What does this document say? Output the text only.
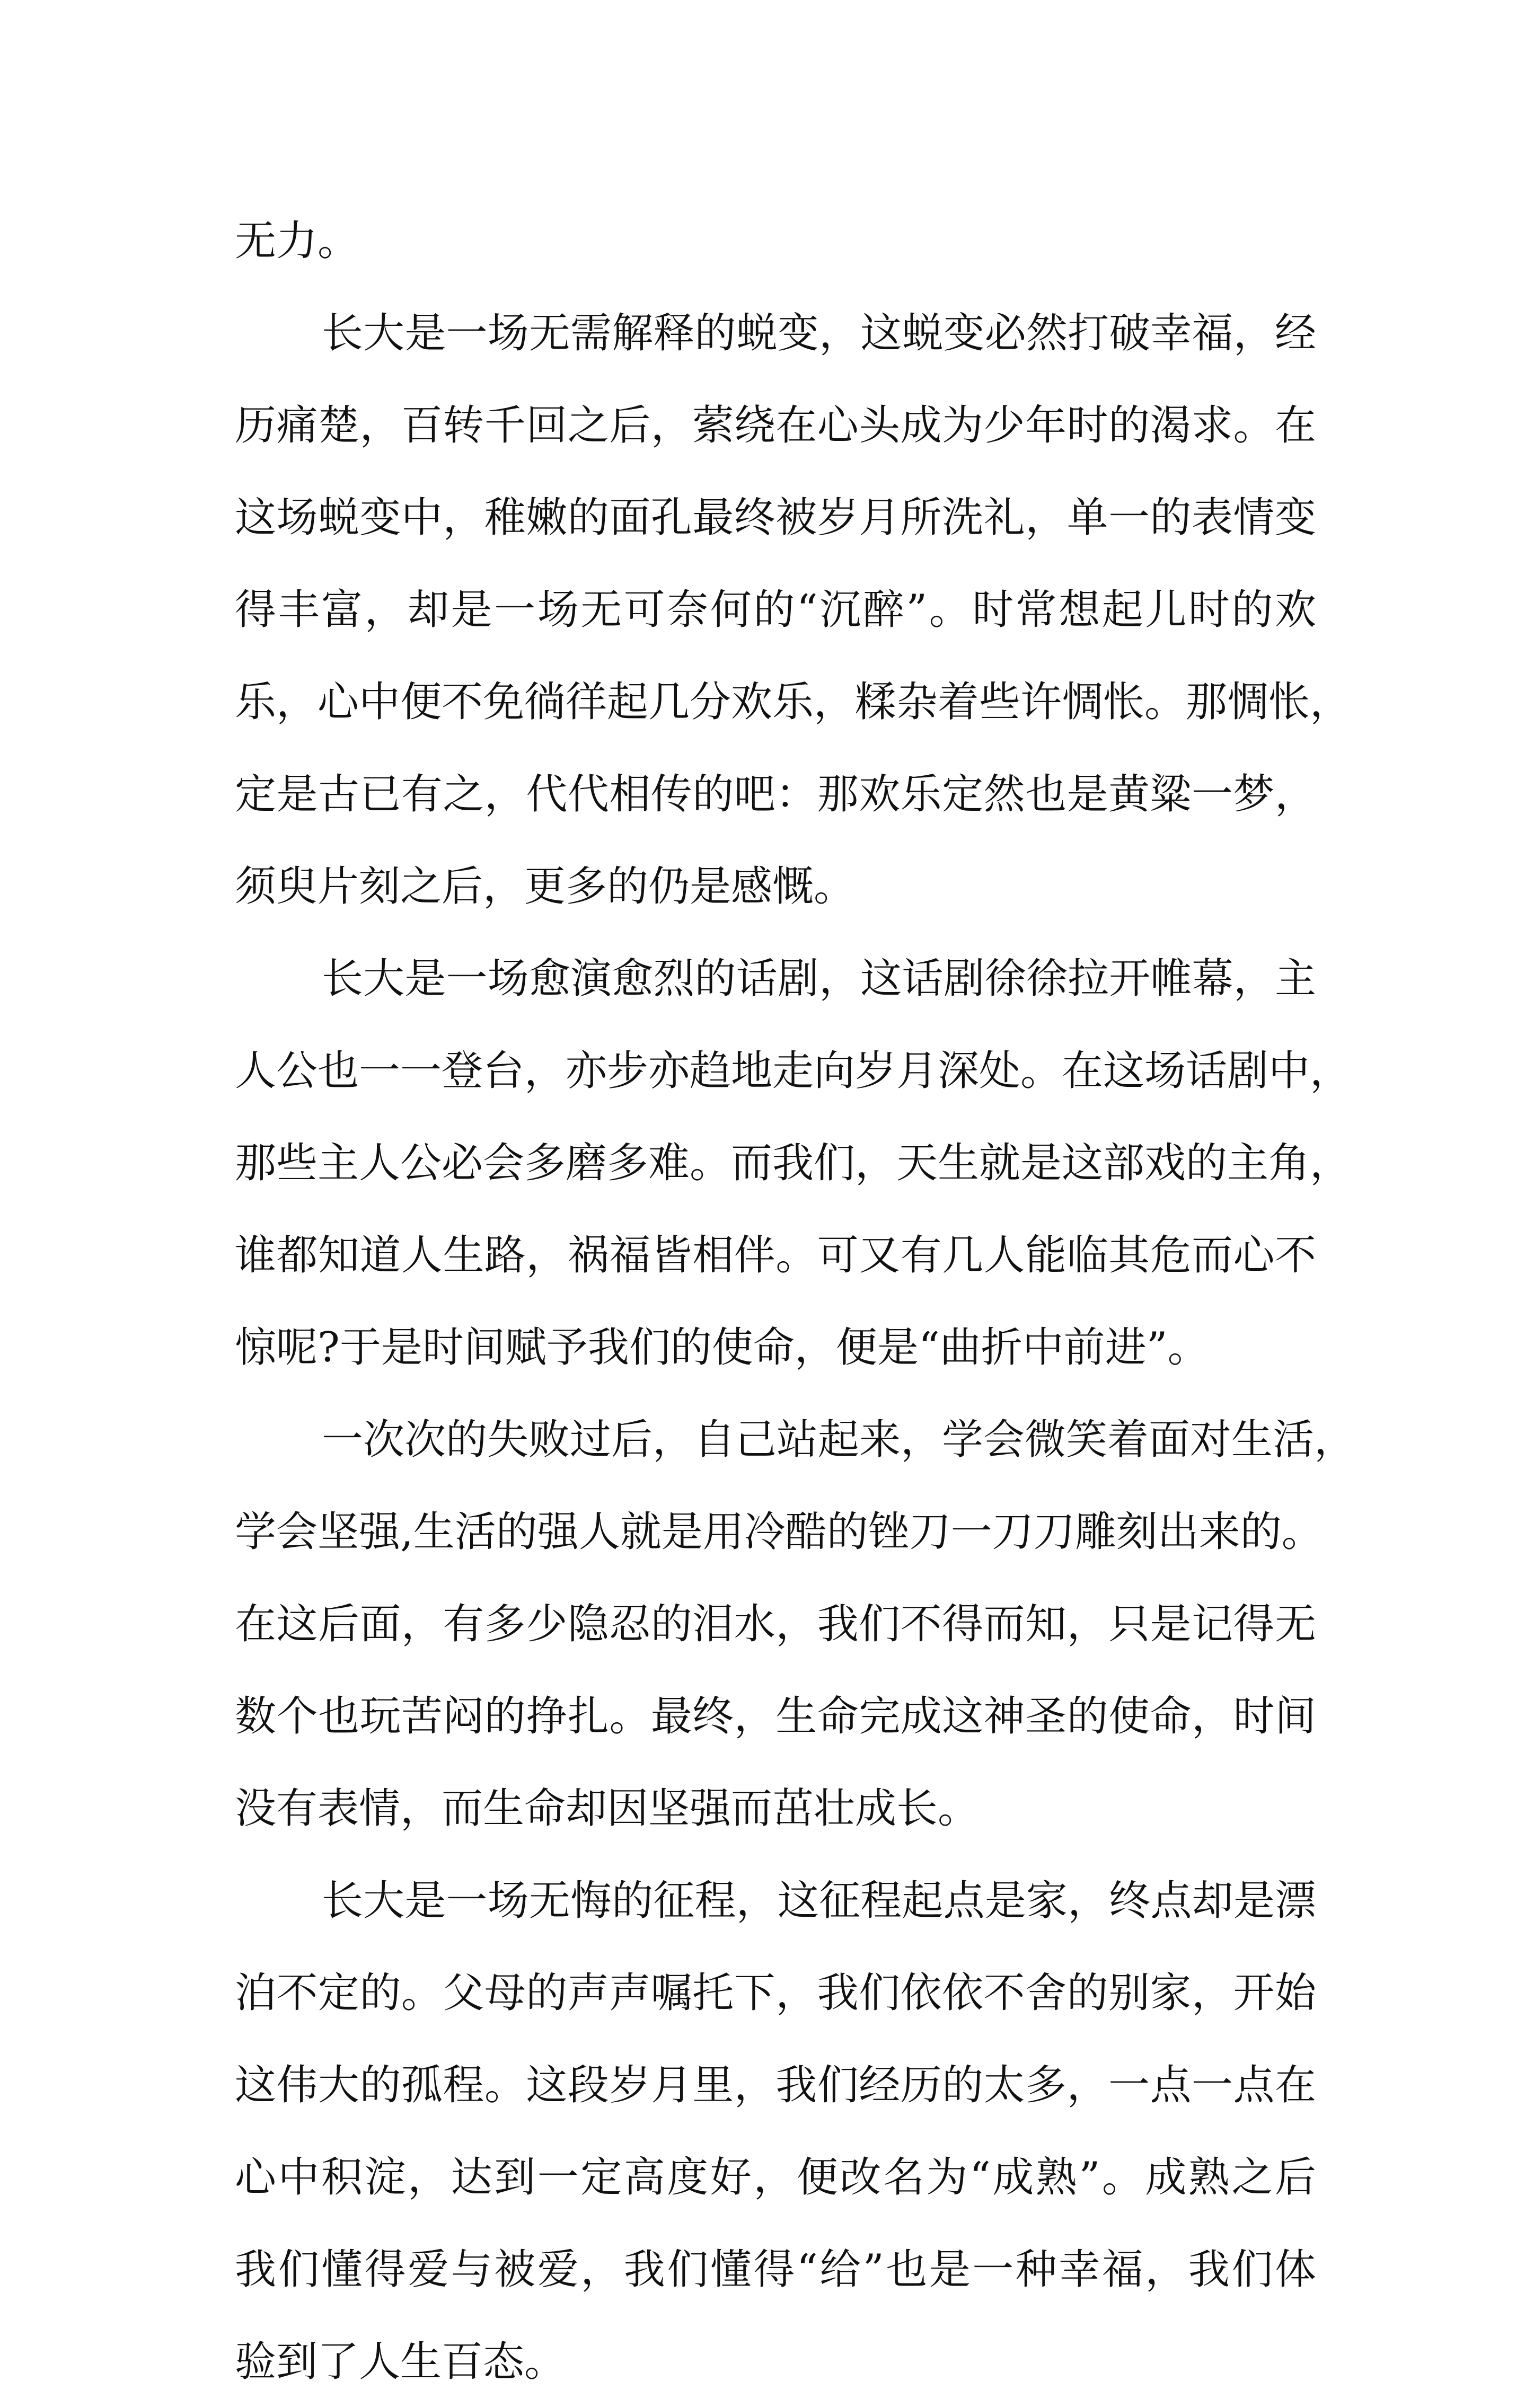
无力。
长大是一场无需解释的蜕变，这蜕变必然打破幸福，经
历痛楚，百转千回之后，萦绕在心头成为少年时的渴求。在
这场蜕变中，稚嫩的面孔最终被岁月所洗礼，单一的表情变
得丰富，却是一场无可奈何的“沉醉”。时常想起儿时的欢
乐，心中便不免徜徉起几分欢乐，糅杂着些许惆怅。那惆怅，
定是古已有之，代代相传的吧：那欢乐定然也是黄粱一梦，
须臾片刻之后，更多的仍是感慨。
长大是一场愈演愈烈的话剧，这话剧徐徐拉开帷幕，主
人公也一一登台，亦步亦趋地走向岁月深处。在这场话剧中，
那些主人公必会多磨多难。而我们，天生就是这部戏的主角，
谁都知道人生路，祸福皆相伴。可又有几人能临其危而心不
惊呢?于是时间赋予我们的使命，便是“曲折中前进”。
一次次的失败过后，自己站起来，学会微笑着面对生活，
学会坚强,生活的强人就是用冷酷的锉刀一刀刀雕刻出来的。
在这后面，有多少隐忍的泪水，我们不得而知，只是记得无
数个也玩苦闷的挣扎。最终，生命完成这神圣的使命，时间
没有表情，而生命却因坚强而茁壮成长。
长大是一场无悔的征程，这征程起点是家，终点却是漂
泊不定的。父母的声声嘱托下，我们依依不舍的别家，开始
这伟大的孤程。这段岁月里，我们经历的太多，一点一点在
心中积淀，达到一定高度好，便改名为“成熟”。成熟之后
我们懂得爱与被爱，我们懂得“给”也是一种幸福，我们体
验到了人生百态。
